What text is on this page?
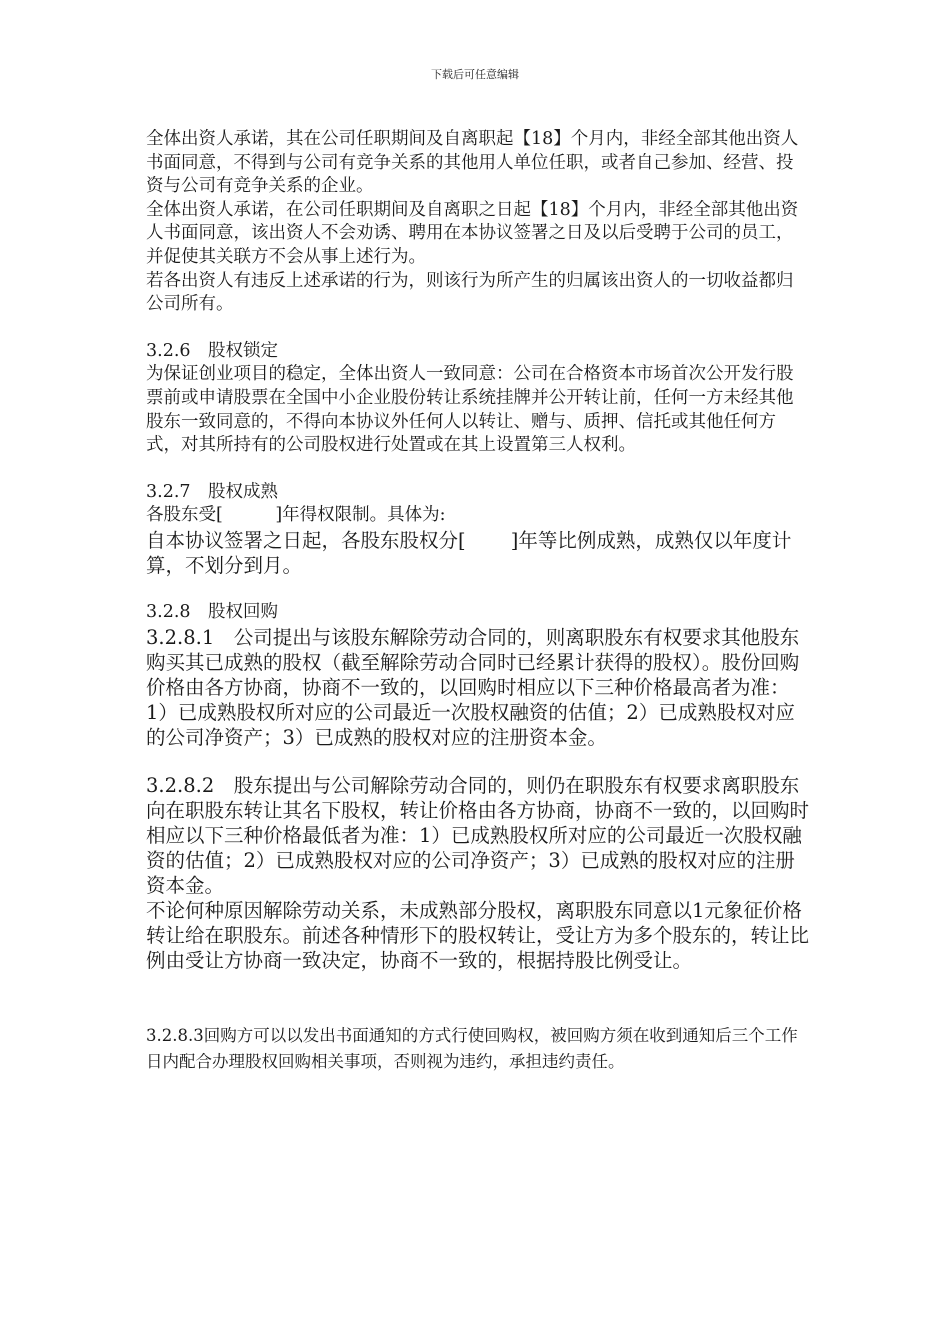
下载后可任意编辑

全体出资人承诺，其在公司任职期间及自离职起【18】个月内，非经全部其他出资人书面同意，不得到与公司有竞争关系的其他用人单位任职，或者自己参加、经营、投资与公司有竞争关系的企业。

全体出资人承诺，在公司任职期间及自离职之日起【18】个月内，非经全部其他出资人书面同意，该出资人不会劝诱、聘用在本协议签署之日及以后受聘于公司的员工，并促使其关联方不会从事上述行为。

若各出资人有违反上述承诺的行为，则该行为所产生的归属该出资人的一切收益都归公司所有。

3.2.6　股权锁定

为保证创业项目的稳定，全体出资人一致同意：公司在合格资本市场首次公开发行股票前或申请股票在全国中小企业股份转让系统挂牌并公开转让前，任何一方未经其他股东一致同意的，不得向本协议外任何人以转让、赠与、质押、信托或其他任何方式，对其所持有的公司股权进行处置或在其上设置第三人权利。

3.2.7　股权成熟

各股东受[　　　]年得权限制。具体为:

自本协议签署之日起，各股东股权分[　　 ]年等比例成熟，成熟仅以年度计算，不划分到月。

3.2.8　股权回购

3.2.8.1　公司提出与该股东解除劳动合同的，则离职股东有权要求其他股东购买其已成熟的股权（截至解除劳动合同时已经累计获得的股权）。股份回购价格由各方协商，协商不一致的，以回购时相应以下三种价格最高者为准：1）已成熟股权所对应的公司最近一次股权融资的估值；2）已成熟股权对应的公司净资产；3）已成熟的股权对应的注册资本金。

3.2.8.2　股东提出与公司解除劳动合同的，则仍在职股东有权要求离职股东向在职股东转让其名下股权，转让价格由各方协商，协商不一致的，以回购时相应以下三种价格最低者为准：1）已成熟股权所对应的公司最近一次股权融资的估值；2）已成熟股权对应的公司净资产；3）已成熟的股权对应的注册资本金。

不论何种原因解除劳动关系，未成熟部分股权，离职股东同意以1元象征价格转让给在职股东。前述各种情形下的股权转让，受让方为多个股东的，转让比例由受让方协商一致决定，协商不一致的，根据持股比例受让。

3.2.8.3回购方可以以发出书面通知的方式行使回购权，被回购方须在收到通知后三个工作日内配合办理股权回购相关事项，否则视为违约，承担违约责任。
